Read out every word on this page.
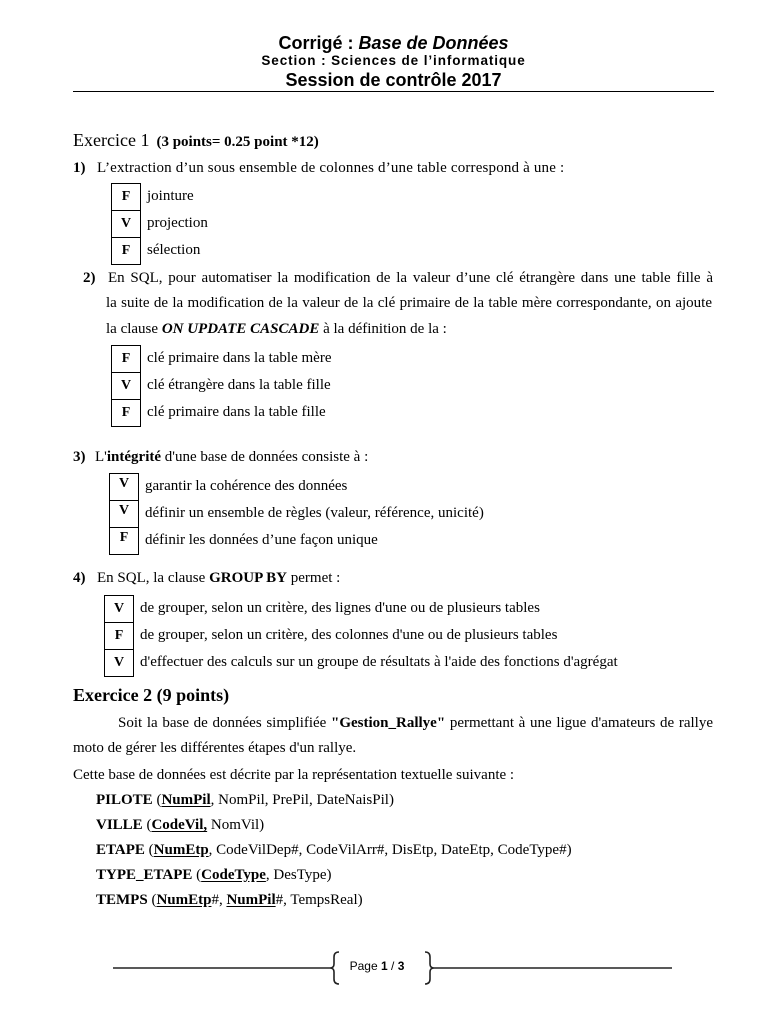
Corrigé : Base de Données
Section : Sciences de l’informatique
Session de contrôle 2017
Exercice 1 (3 points= 0.25 point *12)
1) L’extraction d’un sous ensemble de colonnes d’une table correspond à une :
F	jointure
V	projection
F	sélection
2) En SQL, pour automatiser la modification de la valeur d’une clé étrangère dans une table fille à
la suite de la modification de la valeur de la clé primaire de la table mère correspondante, on ajoute
la clause ON UPDATE CASCADE à la définition de la :
F	clé primaire dans la table mère
V	clé étrangère dans la table fille
F	clé primaire dans la table fille
3) L'intégrité d'une base de données consiste à :
V	garantir la cohérence des données
V	définir un ensemble de règles (valeur, référence, unicité)
F	définir les données d’une façon unique
4) En SQL, la clause GROUP BY permet :
V	de grouper, selon un critère, des lignes d'une ou de plusieurs tables
F	de grouper, selon un critère, des colonnes d'une ou de plusieurs tables
V	d'effectuer des calculs sur un groupe de résultats à l'aide des fonctions d'agrégat
Exercice 2 (9 points)
Soit la base de données simplifiée "Gestion_Rallye" permettant à une ligue d'amateurs de rallye
moto de gérer les différentes étapes d'un rallye.
Cette base de données est décrite par la représentation textuelle suivante :
PILOTE (NumPil, NomPil, PrePil, DateNaisPil)
VILLE (CodeVil, NomVil)
ETAPE (NumEtp, CodeVilDep#, CodeVilArr#, DisEtp, DateEtp, CodeType#)
TYPE_ETAPE (CodeType, DesType)
TEMPS (NumEtp#, NumPil#, TempsReal)
Page 1 / 3
